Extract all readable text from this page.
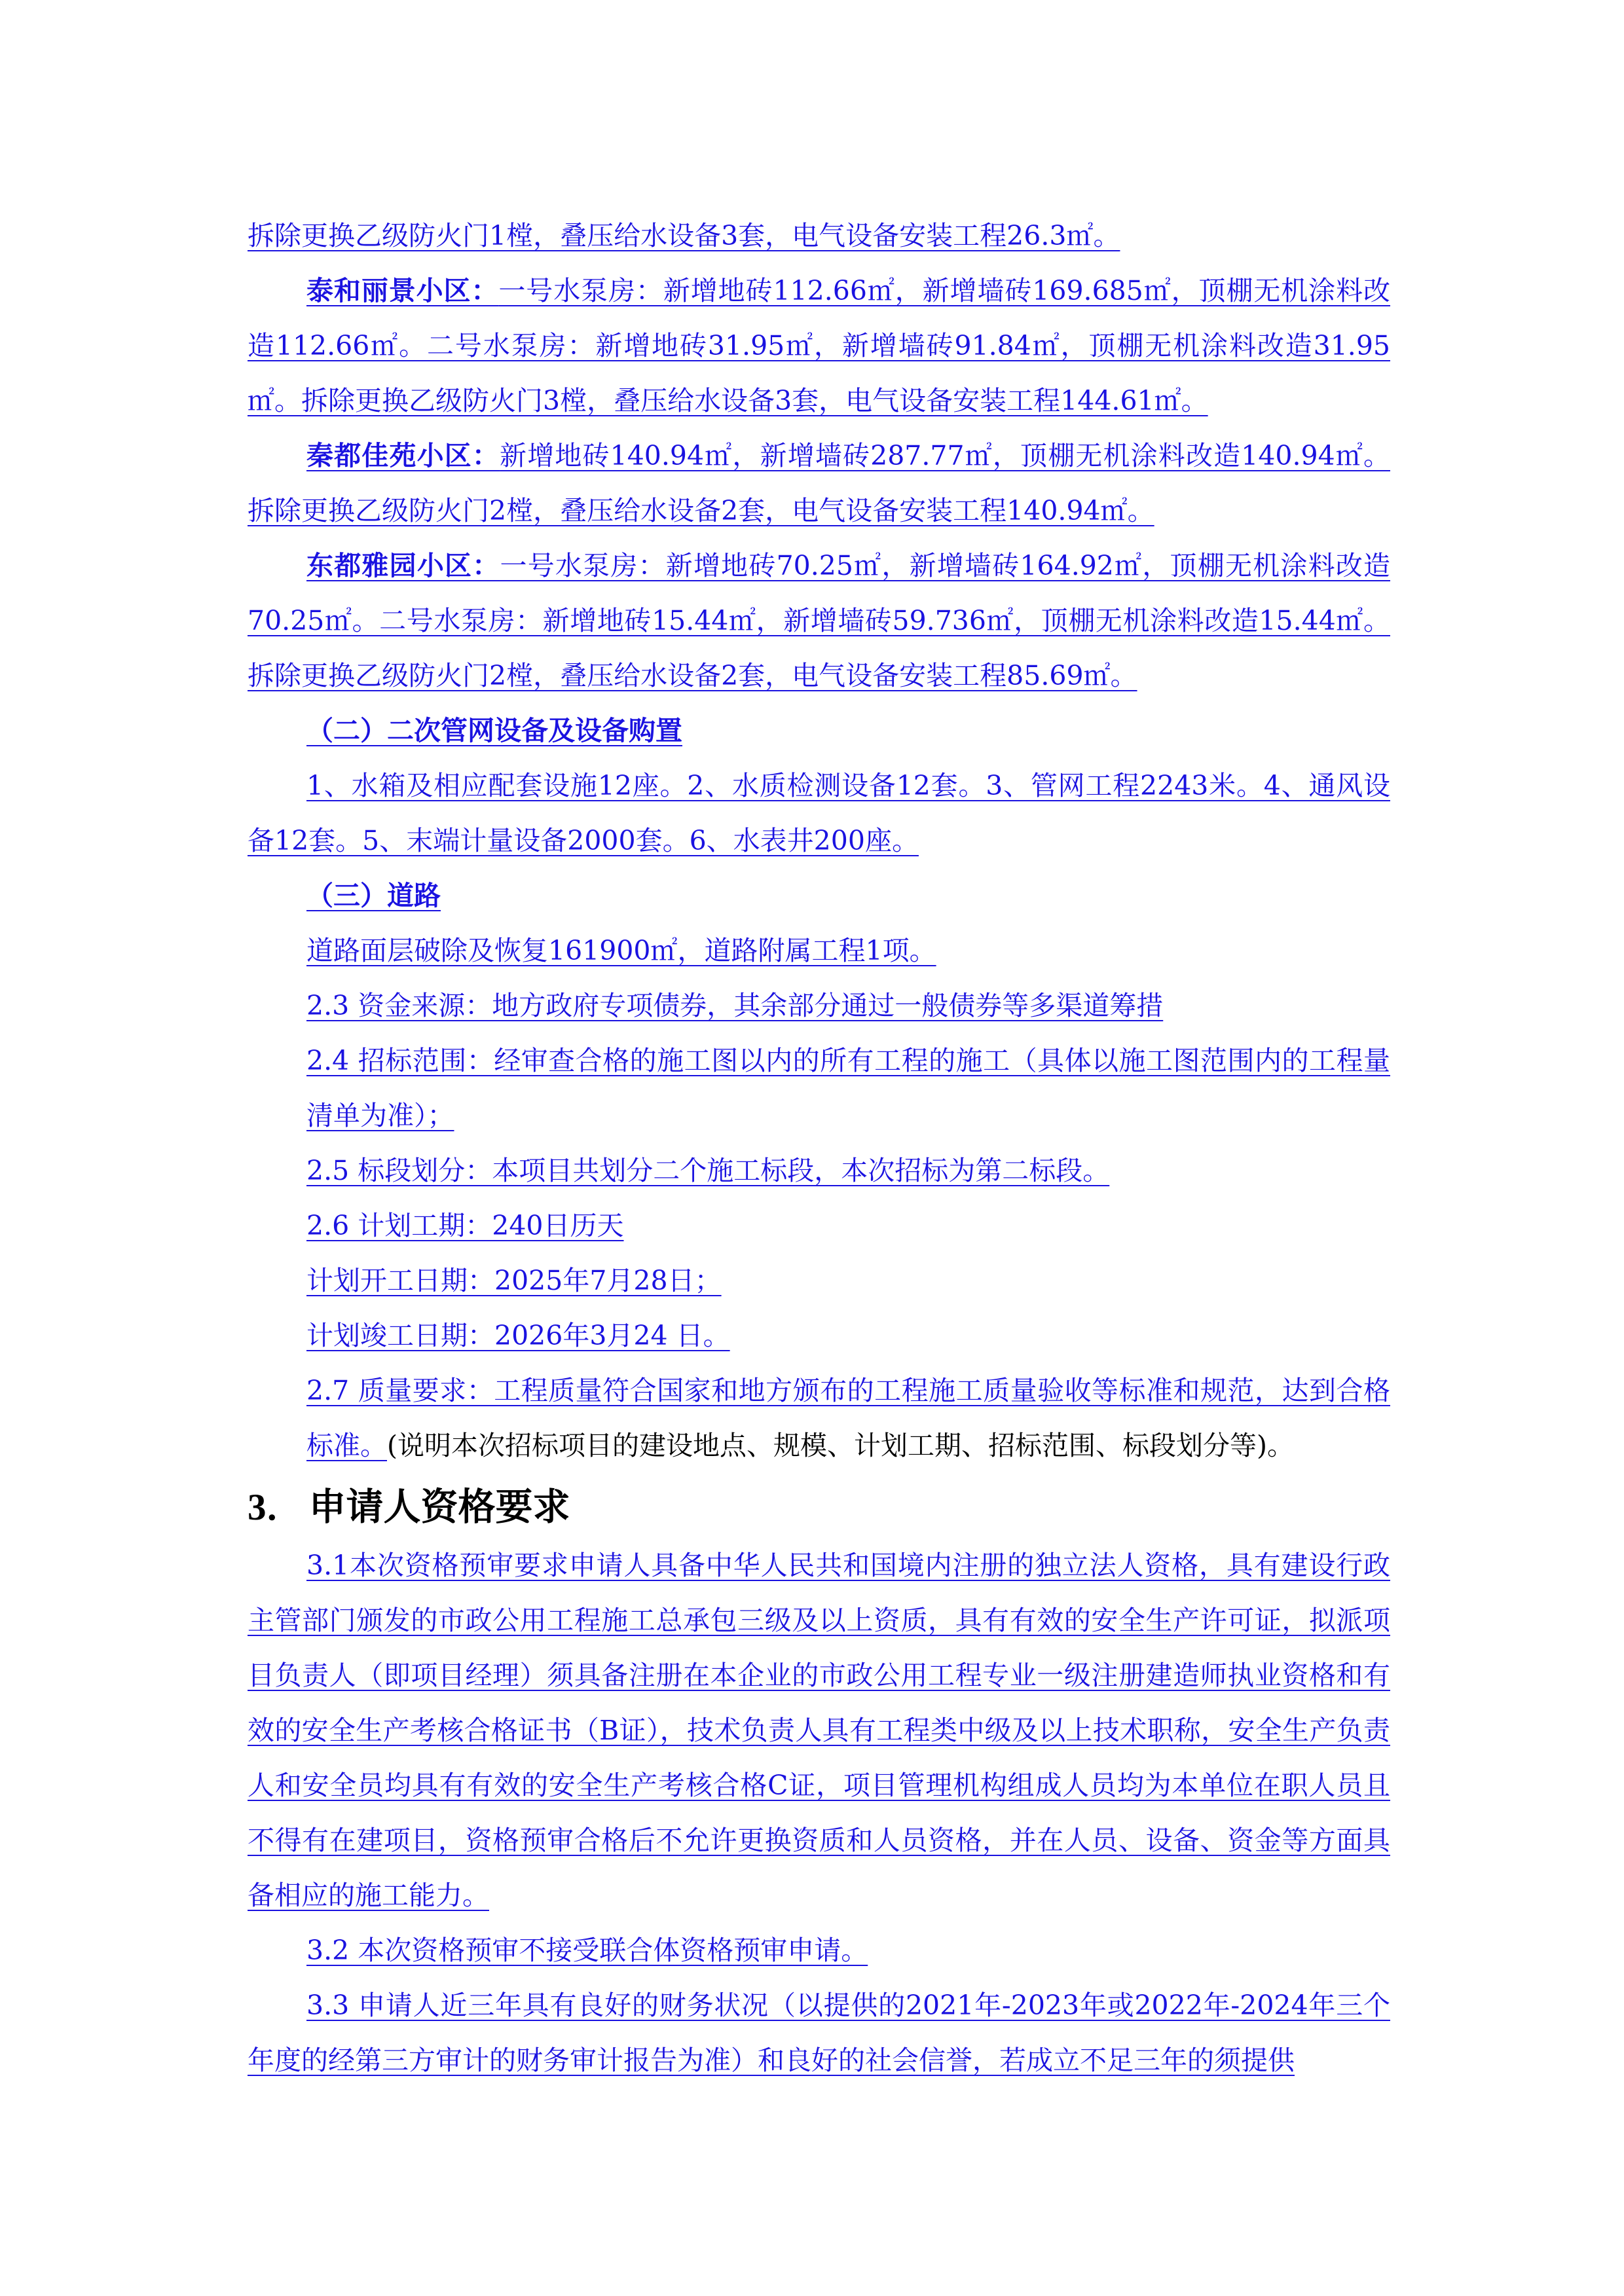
拆除更换乙级防火门1樘，叠压给水设备3套，电气设备安装工程26.3㎡。

泰和丽景小区：一号水泵房：新增地砖112.66㎡，新增墙砖169.685㎡，顶棚无机涂料改造112.66㎡。二号水泵房：新增地砖31.95㎡，新增墙砖91.84㎡，顶棚无机涂料改造31.95㎡。拆除更换乙级防火门3樘，叠压给水设备3套，电气设备安装工程144.61㎡。

秦都佳苑小区：新增地砖140.94㎡，新增墙砖287.77㎡，顶棚无机涂料改造140.94㎡。拆除更换乙级防火门2樘，叠压给水设备2套，电气设备安装工程140.94㎡。

东都雅园小区：一号水泵房：新增地砖70.25㎡，新增墙砖164.92㎡，顶棚无机涂料改造70.25㎡。二号水泵房：新增地砖15.44㎡，新增墙砖59.736㎡，顶棚无机涂料改造15.44㎡。拆除更换乙级防火门2樘，叠压给水设备2套，电气设备安装工程85.69㎡。

（二）二次管网设备及设备购置

1、水箱及相应配套设施12座。2、水质检测设备12套。3、管网工程2243米。4、通风设备12套。5、末端计量设备2000套。6、水表井200座。

（三）道路

道路面层破除及恢复161900㎡，道路附属工程1项。

2.3 资金来源：地方政府专项债券，其余部分通过一般债券等多渠道筹措

2.4 招标范围：经审查合格的施工图以内的所有工程的施工（具体以施工图范围内的工程量清单为准）；

2.5 标段划分：本项目共划分二个施工标段，本次招标为第二标段。

2.6 计划工期：240日历天

计划开工日期：2025年7月28日；

计划竣工日期：2026年3月24 日。

2.7 质量要求：工程质量符合国家和地方颁布的工程施工质量验收等标准和规范，达到合格标准。(说明本次招标项目的建设地点、规模、计划工期、招标范围、标段划分等)。

3． 申请人资格要求

3.1本次资格预审要求申请人具备中华人民共和国境内注册的独立法人资格，具有建设行政主管部门颁发的市政公用工程施工总承包三级及以上资质，具有有效的安全生产许可证，拟派项目负责人（即项目经理）须具备注册在本企业的市政公用工程专业一级注册建造师执业资格和有效的安全生产考核合格证书（B证），技术负责人具有工程类中级及以上技术职称，安全生产负责人和安全员均具有有效的安全生产考核合格C证，项目管理机构组成人员均为本单位在职人员且不得有在建项目，资格预审合格后不允许更换资质和人员资格，并在人员、设备、资金等方面具备相应的施工能力。

3.2 本次资格预审不接受联合体资格预审申请。

3.3 申请人近三年具有良好的财务状况（以提供的2021年-2023年或2022年-2024年三个年度的经第三方审计的财务审计报告为准）和良好的社会信誉，若成立不足三年的须提供
